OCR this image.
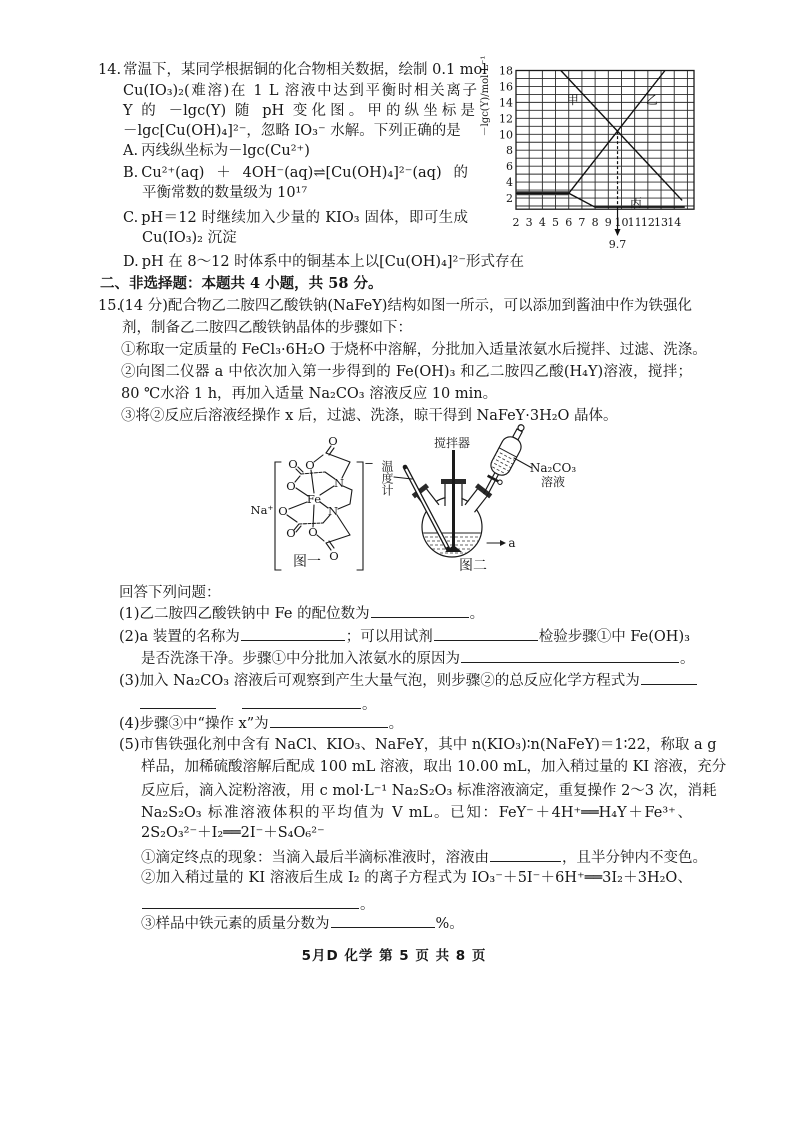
14. 常温下，某同学根据铜的化合物相关数据，绘制 0.1 mol
Cu(IO₃)₂(难溶)在 1 L 溶液中达到平衡时相关离子
Y 的 －lgc(Y) 随 pH 变化图。甲的纵坐标是
－lgc[Cu(OH)₄]²⁻，忽略 IO₃⁻ 水解。下列正确的是
A. 丙线纵坐标为－lgc(Cu²⁺)
B. Cu²⁺(aq)＋4OH⁻(aq)⇌[Cu(OH)₄]²⁻(aq)的
平衡常数的数量级为 10¹⁷
C. pH＝12 时继续加入少量的 KIO₃ 固体，即可生成
Cu(IO₃)₂ 沉淀
D. pH 在 8～12 时体系中的铜基本上以[Cu(OH)₄]²⁻形式存在
2 3 4 5 6 7 8 9 10 11 12 13 14
2
4
6
8
10
12
14
16
18
－lgc(Y)/mol·L⁻¹	甲	乙
丙
9.7
二、非选择题：本题共 4 小题，共 58 分。
15.
(14 分)配合物乙二胺四乙酸铁钠(NaFeY)结构如图一所示，可以添加到酱油中作为铁强化
剂，制备乙二胺四乙酸铁钠晶体的步骤如下：
①称取一定质量的 FeCl₃·6H₂O 于烧杯中溶解，分批加入适量浓氨水后搅拌、过滤、洗涤。
②向图二仪器 a 中依次加入第一步得到的 Fe(OH)₃ 和乙二胺四乙酸(H₄Y)溶液，搅拌；
80 ℃水浴 1 h，再加入适量 Na₂CO₃ 溶液反应 10 min。
③将②反应后溶液经操作 x 后，过滤、洗涤，晾干得到 NaFeY·3H₂O 晶体。
−
Na⁺
O
O
O
O
O
O O
O
N
N
Fe
图一
搅拌器
温度计	Na₂CO₃
溶液
a
图二
回答下列问题：
(1)乙二胺四乙酸铁钠中 Fe 的配位数为	。
(2)a 装置的名称为	；可以用试剂	检验步骤①中 Fe(OH)₃
是否洗涤干净。步骤①中分批加入浓氨水的原因为	。
(3)加入 Na₂CO₃ 溶液后可观察到产生大量气泡，则步骤②的总反应化学方程式为
。
(4)步骤③中“操作 x”为	。
(5)市售铁强化剂中含有 NaCl、KIO₃、NaFeY，其中 n(KIO₃)∶n(NaFeY)＝1∶22，称取 a g
样品，加稀硫酸溶解后配成 100 mL 溶液，取出 10.00 mL，加入稍过量的 KI 溶液，充分
反应后，滴入淀粉溶液，用 c mol·L⁻¹ Na₂S₂O₃ 标准溶液滴定，重复操作 2～3 次，消耗
Na₂S₂O₃ 标准溶液体积的平均值为 V mL。已知：FeY⁻＋4H⁺══H₄Y＋Fe³⁺、
2S₂O₃²⁻＋I₂══2I⁻＋S₄O₆²⁻
①滴定终点的现象：当滴入最后半滴标准液时，溶液由	，且半分钟内不变色。
②加入稍过量的 KI 溶液后生成 I₂ 的离子方程式为 IO₃⁻＋5I⁻＋6H⁺══3I₂＋3H₂O、
。
③样品中铁元素的质量分数为	%。
5月D 化学 第 5 页 共 8 页
